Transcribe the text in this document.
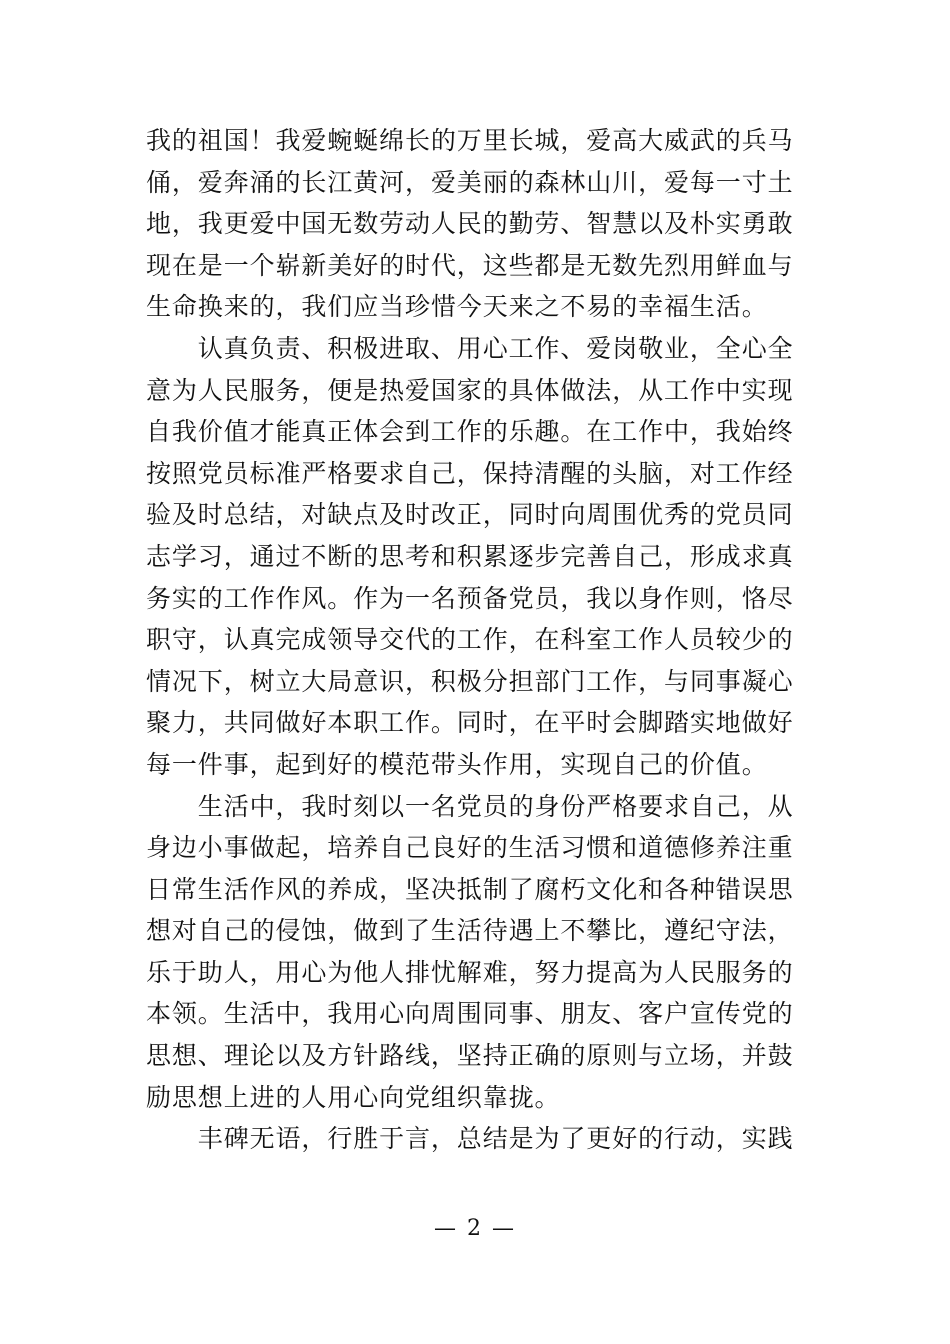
我的祖国！我爱蜿蜒绵长的万里长城，爱高大威武的兵马
俑，爱奔涌的长江黄河，爱美丽的森林山川，爱每一寸土
地，我更爱中国无数劳动人民的勤劳、智慧以及朴实勇敢
现在是一个崭新美好的时代，这些都是无数先烈用鲜血与
生命换来的，我们应当珍惜今天来之不易的幸福生活。
　　认真负责、积极进取、用心工作、爱岗敬业，全心全
意为人民服务，便是热爱国家的具体做法，从工作中实现
自我价值才能真正体会到工作的乐趣。在工作中，我始终
按照党员标准严格要求自己，保持清醒的头脑，对工作经
验及时总结，对缺点及时改正，同时向周围优秀的党员同
志学习，通过不断的思考和积累逐步完善自己，形成求真
务实的工作作风。作为一名预备党员，我以身作则，恪尽
职守，认真完成领导交代的工作，在科室工作人员较少的
情况下，树立大局意识，积极分担部门工作，与同事凝心
聚力，共同做好本职工作。同时，在平时会脚踏实地做好
每一件事，起到好的模范带头作用，实现自己的价值。
　　生活中，我时刻以一名党员的身份严格要求自己，从
身边小事做起，培养自己良好的生活习惯和道德修养注重
日常生活作风的养成，坚决抵制了腐朽文化和各种错误思
想对自己的侵蚀，做到了生活待遇上不攀比，遵纪守法，
乐于助人，用心为他人排忧解难，努力提高为人民服务的
本领。生活中，我用心向周围同事、朋友、客户宣传党的
思想、理论以及方针路线，坚持正确的原则与立场，并鼓
励思想上进的人用心向党组织靠拢。
　　丰碑无语，行胜于言，总结是为了更好的行动，实践
— 2 —
